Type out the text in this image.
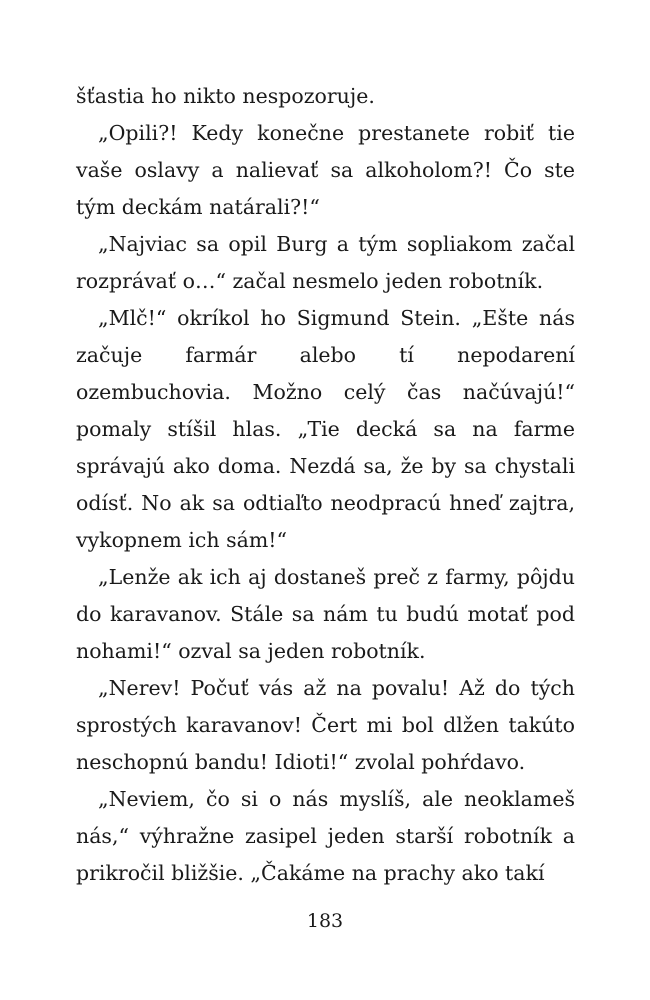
šťastia ho nikto nespozoruje.

„Opili?! Kedy konečne prestanete robiť tie vaše oslavy a nalievať sa alkoholom?! Čo ste tým deckám natárali?!“

„Najviac sa opil Burg a tým sopliakom začal rozprávať o…“ začal nesmelo jeden robotník.

„Mlč!“ okríkol ho Sigmund Stein. „Ešte nás začuje farmár alebo tí nepodarení ozembuchovia. Možno celý čas načúvajú!“ pomaly stíšil hlas. „Tie decká sa na farme správajú ako doma. Nezdá sa, že by sa chystali odísť. No ak sa odtiaľto neodpracú hneď zajtra, vykopnem ich sám!“

„Lenže ak ich aj dostaneš preč z farmy, pôjdu do karavanov. Stále sa nám tu budú motať pod nohami!“ ozval sa jeden robotník.

„Nerev! Počuť vás až na povalu! Až do tých sprostých karavanov! Čert mi bol dlžen takúto neschopnú bandu! Idioti!“ zvolal pohŕdavo.

„Neviem, čo si o nás myslíš, ale neoklameš nás,“ výhražne zasipel jeden starší robotník a prikročil bližšie. „Čakáme na prachy ako takí

183
